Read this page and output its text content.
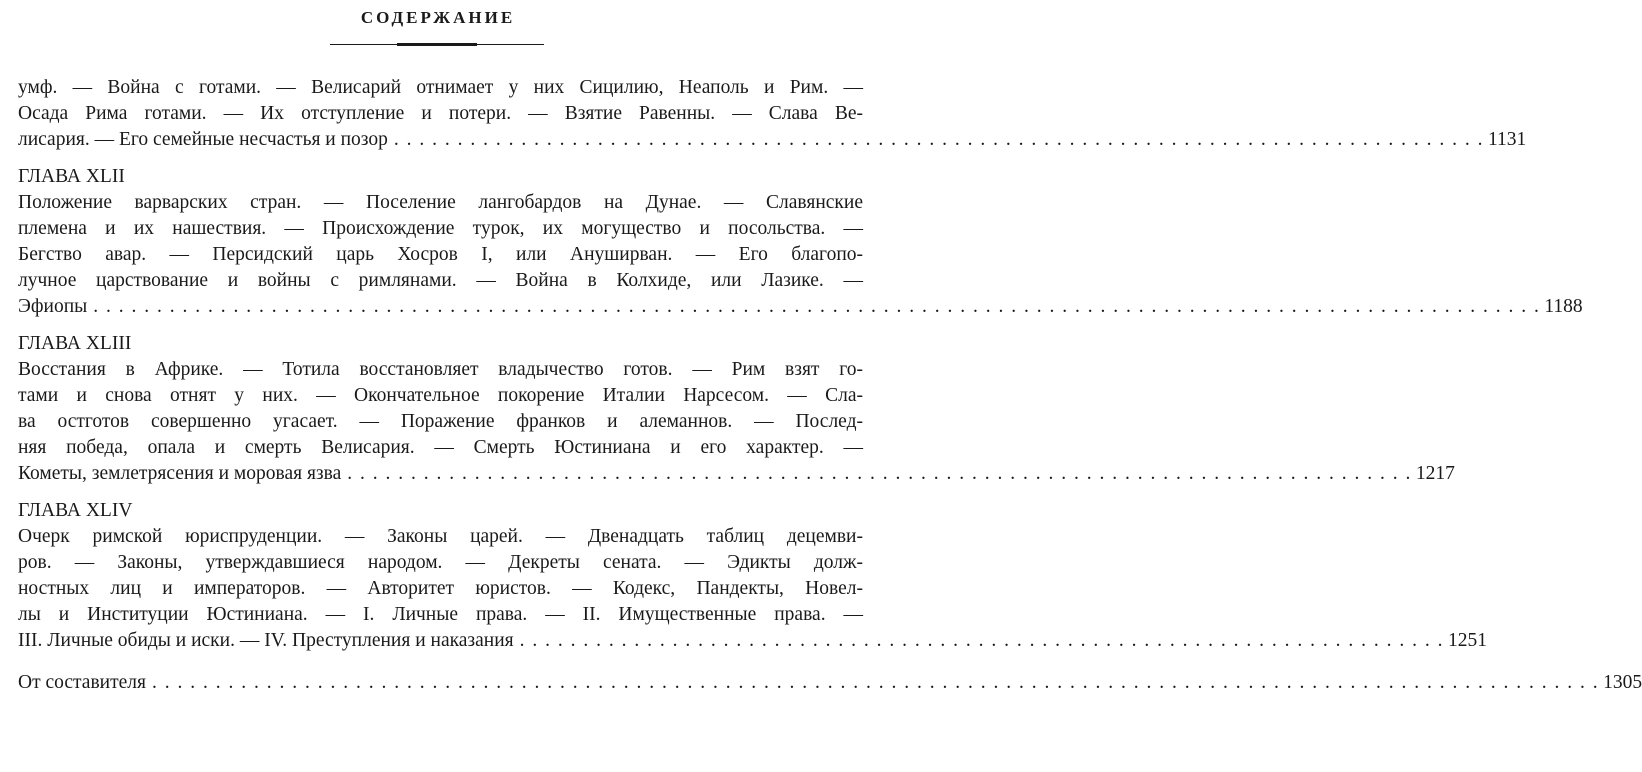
СОДЕРЖАНИЕ
умф. — Война с готами. — Велисарий отнимает у них Сицилию, Неаполь и Рим. —
Осада Рима готами. — Их отступление и потери. — Взятие Равенны. — Слава Ве-
лисария. — Его семейные несчастья и позор . . . . . . . . . . . . . . . . . . . . . . . . . . . . . . . . . . . . . . . . . . . . . . . . . . . . . . . . . . . . . . . . . . . . . . . . . . . . . . . . . . . . . . 1131
ГЛАВА XLII
Положение варварских стран. — Поселение лангобардов на Дунае. — Славянские
племена и их нашествия. — Происхождение турок, их могущество и посольства. —
Бегство авар. — Персидский царь Хосров I, или Ануширван. — Его благопо-
лучное царствование и войны с римлянами. — Война в Колхиде, или Лазике. —
Эфиопы . . . . . . . . . . . . . . . . . . . . . . . . . . . . . . . . . . . . . . . . . . . . . . . . . . . . . . . . . . . . . . . . . . . . . . . . . . . . . . . . . . . . . . . . . . . . . . . . . . . . . . . . . . . . . . . . . . 1188
ГЛАВА XLIII
Восстания в Африке. — Тотила восстановляет владычество готов. — Рим взят го-
тами и снова отнят у них. — Окончательное покорение Италии Нарсесом. — Сла-
ва остготов совершенно угасает. — Поражение франков и алеманнов. — Послед-
няя победа, опала и смерть Велисария. — Смерть Юстиниана и его характер. —
Кометы, землетрясения и моровая язва . . . . . . . . . . . . . . . . . . . . . . . . . . . . . . . . . . . . . . . . . . . . . . . . . . . . . . . . . . . . . . . . . . . . . . . . . . . . . . . . . . . . 1217
ГЛАВА XLIV
Очерк римской юриспруденции. — Законы царей. — Двенадцать таблиц децемви-
ров. — Законы, утверждавшиеся народом. — Декреты сената. — Эдикты долж-
ностных лиц и императоров. — Авторитет юристов. — Кодекс, Пандекты, Новел-
лы и Институции Юстиниана. — I. Личные права. — II. Имущественные права. —
III. Личные обиды и иски. — IV. Преступления и наказания . . . . . . . . . . . . . . . . . . . . . . . . . . . . . . . . . . . . . . . . . . . . . . . . . . . . . . . . . . . . . . . . . . . . . . . . . 1251
От составителя . . . . . . . . . . . . . . . . . . . . . . . . . . . . . . . . . . . . . . . . . . . . . . . . . . . . . . . . . . . . . . . . . . . . . . . . . . . . . . . . . . . . . . . . . . . . . . . . . . . . . . . . . . . . . . . . . . 1305
